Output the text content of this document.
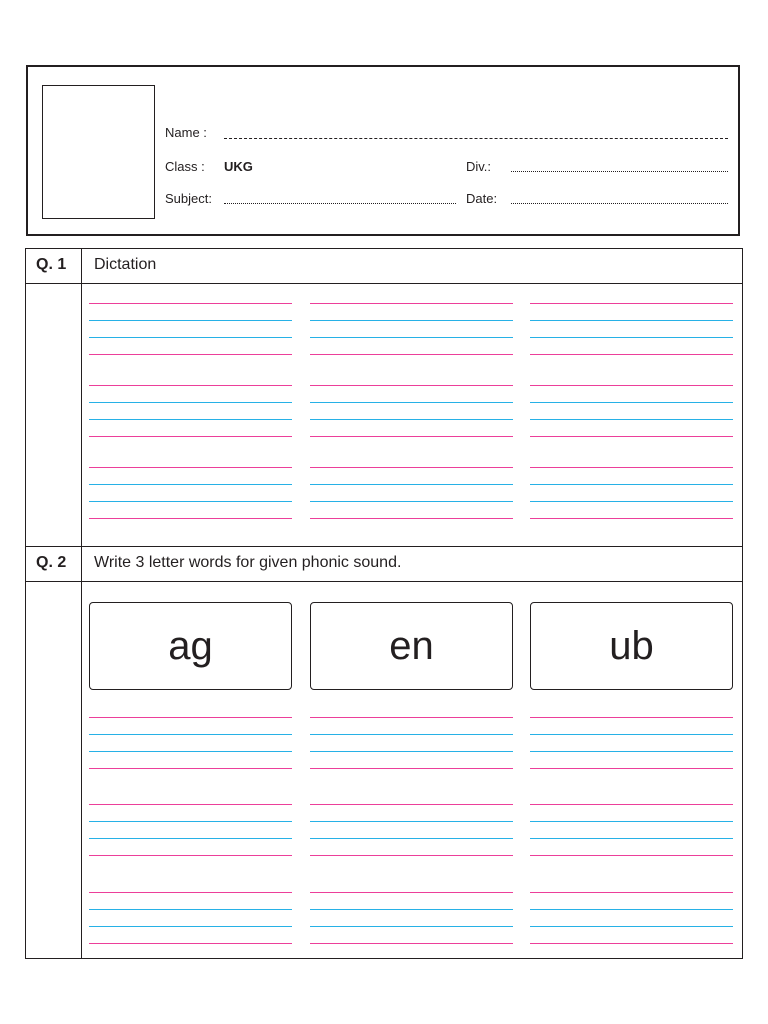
Name :
Class : UKG	Div.:
Subject:	Date:
Q. 1 Dictation
Q. 2 Write 3 letter words for given phonic sound.
ag	en	ub
